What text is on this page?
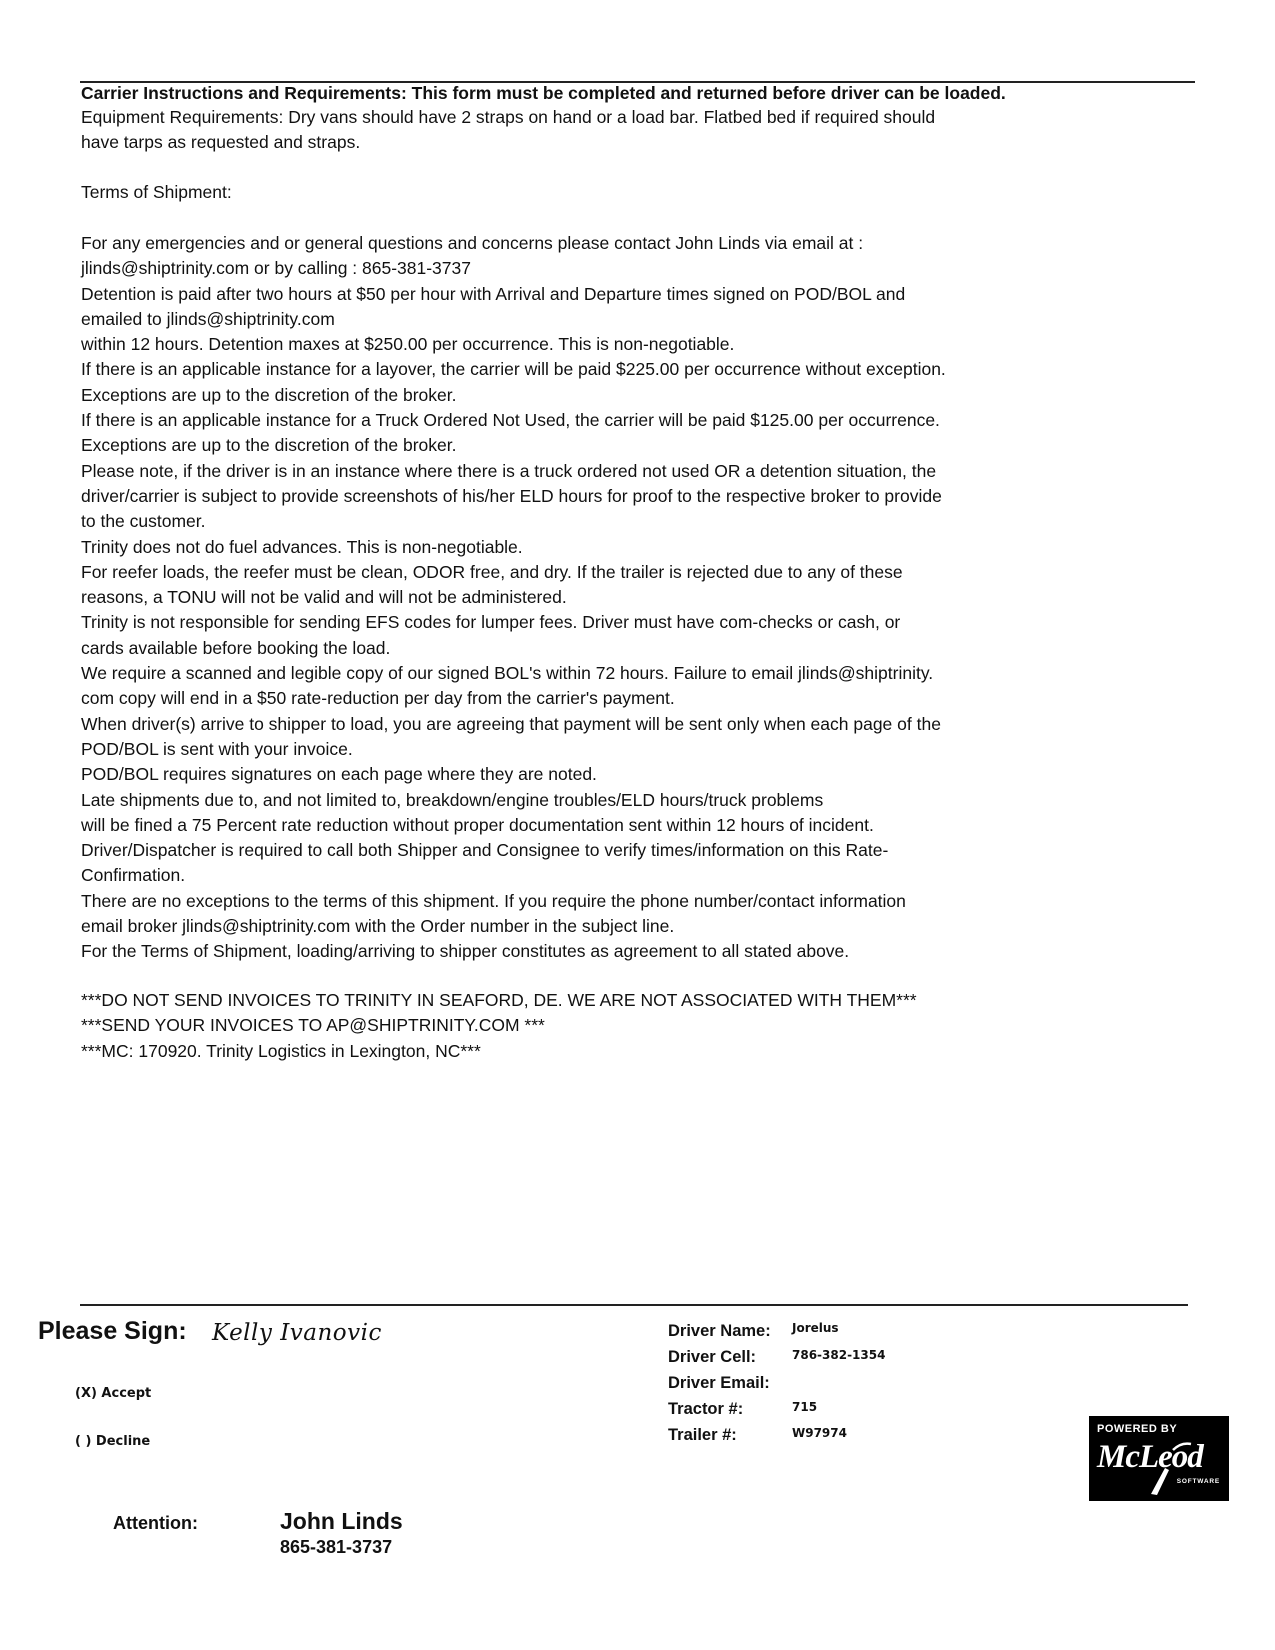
Carrier Instructions and Requirements: This form must be completed and returned before driver can be loaded.
Equipment Requirements: Dry vans should have 2 straps on hand or a load bar. Flatbed bed if required should
have tarps as requested and straps.
Terms of Shipment:
For any emergencies and or general questions and concerns please contact John Linds via email at :
jlinds@shiptrinity.com or by calling : 865-381-3737
Detention is paid after two hours at $50 per hour with Arrival and Departure times signed on POD/BOL and
emailed to jlinds@shiptrinity.com
within 12 hours. Detention maxes at $250.00 per occurrence. This is non-negotiable.
If there is an applicable instance for a layover, the carrier will be paid $225.00 per occurrence without exception.
Exceptions are up to the discretion of the broker.
If there is an applicable instance for a Truck Ordered Not Used, the carrier will be paid $125.00 per occurrence.
Exceptions are up to the discretion of the broker.
Please note, if the driver is in an instance where there is a truck ordered not used OR a detention situation, the
driver/carrier is subject to provide screenshots of his/her ELD hours for proof to the respective broker to provide
to the customer.
Trinity does not do fuel advances. This is non-negotiable.
For reefer loads, the reefer must be clean, ODOR free, and dry. If the trailer is rejected due to any of these
reasons, a TONU will not be valid and will not be administered.
Trinity is not responsible for sending EFS codes for lumper fees. Driver must have com-checks or cash, or
cards available before booking the load.
We require a scanned and legible copy of our signed BOL's within 72 hours. Failure to email jlinds@shiptrinity.
com copy will end in a $50 rate-reduction per day from the carrier's payment.
When driver(s) arrive to shipper to load, you are agreeing that payment will be sent only when each page of the
POD/BOL is sent with your invoice.
POD/BOL requires signatures on each page where they are noted.
Late shipments due to, and not limited to, breakdown/engine troubles/ELD hours/truck problems
will be fined a 75 Percent rate reduction without proper documentation sent within 12 hours of incident.
Driver/Dispatcher is required to call both Shipper and Consignee to verify times/information on this Rate-
Confirmation.
There are no exceptions to the terms of this shipment. If you require the phone number/contact information
email broker jlinds@shiptrinity.com with the Order number in the subject line.
For the Terms of Shipment, loading/arriving to shipper constitutes as agreement to all stated above.
***DO NOT SEND INVOICES TO TRINITY IN SEAFORD, DE. WE ARE NOT ASSOCIATED WITH THEM***
***SEND YOUR INVOICES TO AP@SHIPTRINITY.COM ***
***MC: 170920. Trinity Logistics in Lexington, NC***
Please Sign: Kelly Ivanovic
(X) Accept
( ) Decline
Driver Name: Jorelus
Driver Cell:	786-382-1354
Driver Email:
Tractor #:	715
Trailer #:	W97974	POWERED BY
McLeod
SOFTWARE
Attention:	John Linds
865-381-3737
